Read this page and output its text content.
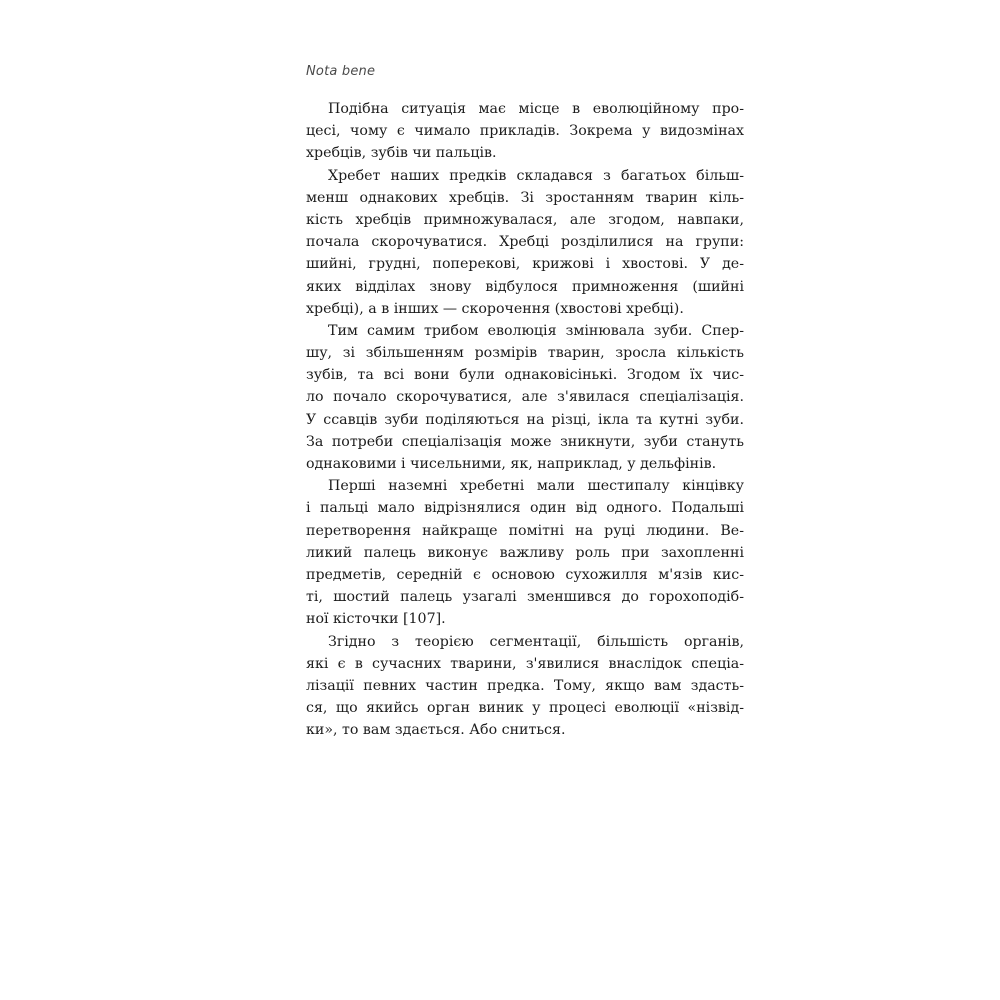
Nota bene
Подібна ситуація має місце в еволюційному про-
цесі, чому є чимало прикладів. Зокрема у видозмінах
хребців, зубів чи пальців.
Хребет наших предків складався з багатьох більш-
менш однакових хребців. Зі зростанням тварин кіль-
кість хребців примножувалася, але згодом, навпаки,
почала скорочуватися. Хребці розділилися на групи:
шийні, грудні, поперекові, крижові і хвостові. У де-
яких відділах знову відбулося примноження (шийні
хребці), а в інших — скорочення (хвостові хребці).
Тим самим трибом еволюція змінювала зуби. Спер-
шу, зі збільшенням розмірів тварин, зросла кількість
зубів, та всі вони були однаковісінькі. Згодом їх чис-
ло почало скорочуватися, але з'явилася спеціалізація.
У ссавців зуби поділяються на різці, ікла та кутні зуби.
За потреби спеціалізація може зникнути, зуби стануть
однаковими і чисельними, як, наприклад, у дельфінів.
Перші наземні хребетні мали шестипалу кінцівку
і пальці мало відрізнялися один від одного. Подальші
перетворення найкраще помітні на руці людини. Ве-
ликий палець виконує важливу роль при захопленні
предметів, середній є основою сухожилля м'язів кис-
ті, шостий палець узагалі зменшився до горохоподіб-
ної кісточки [107].
Згідно з теорією сегментації, більшість органів,
які є в сучасних тварини, з'явилися внаслідок спеціа-
лізації певних частин предка. Тому, якщо вам здасть-
ся, що якийсь орган виник у процесі еволюції «нізвід-
ки», то вам здається. Або сниться.
